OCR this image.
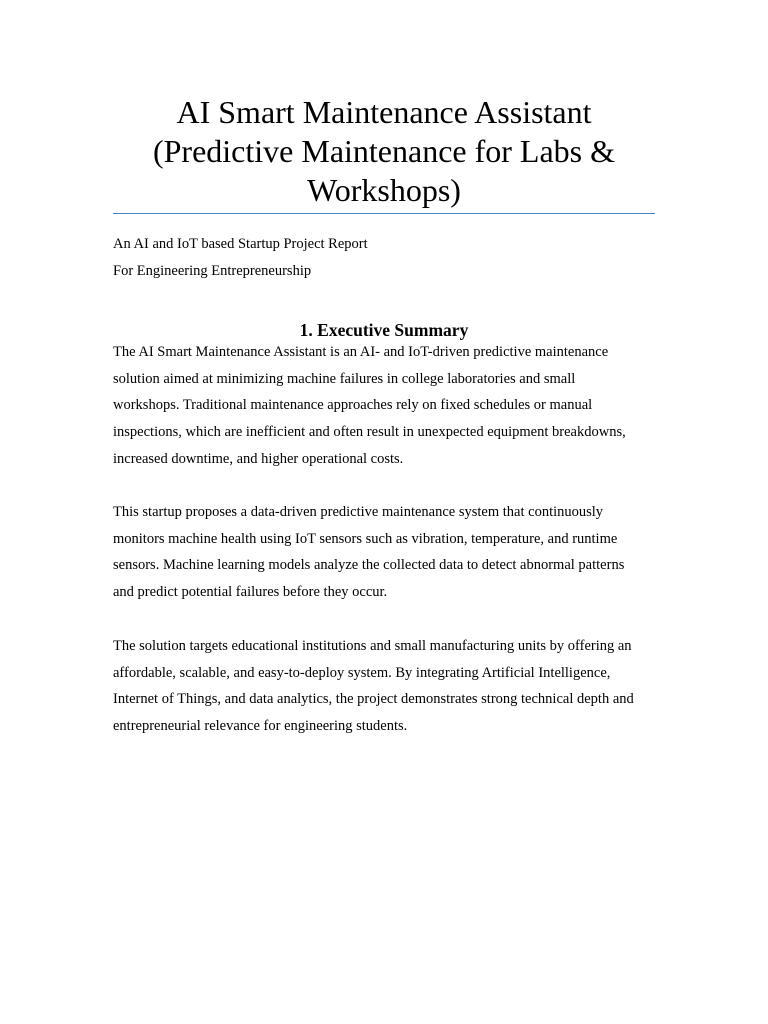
AI Smart Maintenance Assistant
(Predictive Maintenance for Labs &
Workshops)

An AI and IoT based Startup Project Report

For Engineering Entrepreneurship

1. Executive Summary

The AI Smart Maintenance Assistant is an AI- and IoT-driven predictive maintenance
solution aimed at minimizing machine failures in college laboratories and small
workshops. Traditional maintenance approaches rely on fixed schedules or manual
inspections, which are inefficient and often result in unexpected equipment breakdowns,
increased downtime, and higher operational costs.

This startup proposes a data-driven predictive maintenance system that continuously
monitors machine health using IoT sensors such as vibration, temperature, and runtime
sensors. Machine learning models analyze the collected data to detect abnormal patterns
and predict potential failures before they occur.

The solution targets educational institutions and small manufacturing units by offering an
affordable, scalable, and easy-to-deploy system. By integrating Artificial Intelligence,
Internet of Things, and data analytics, the project demonstrates strong technical depth and
entrepreneurial relevance for engineering students.
